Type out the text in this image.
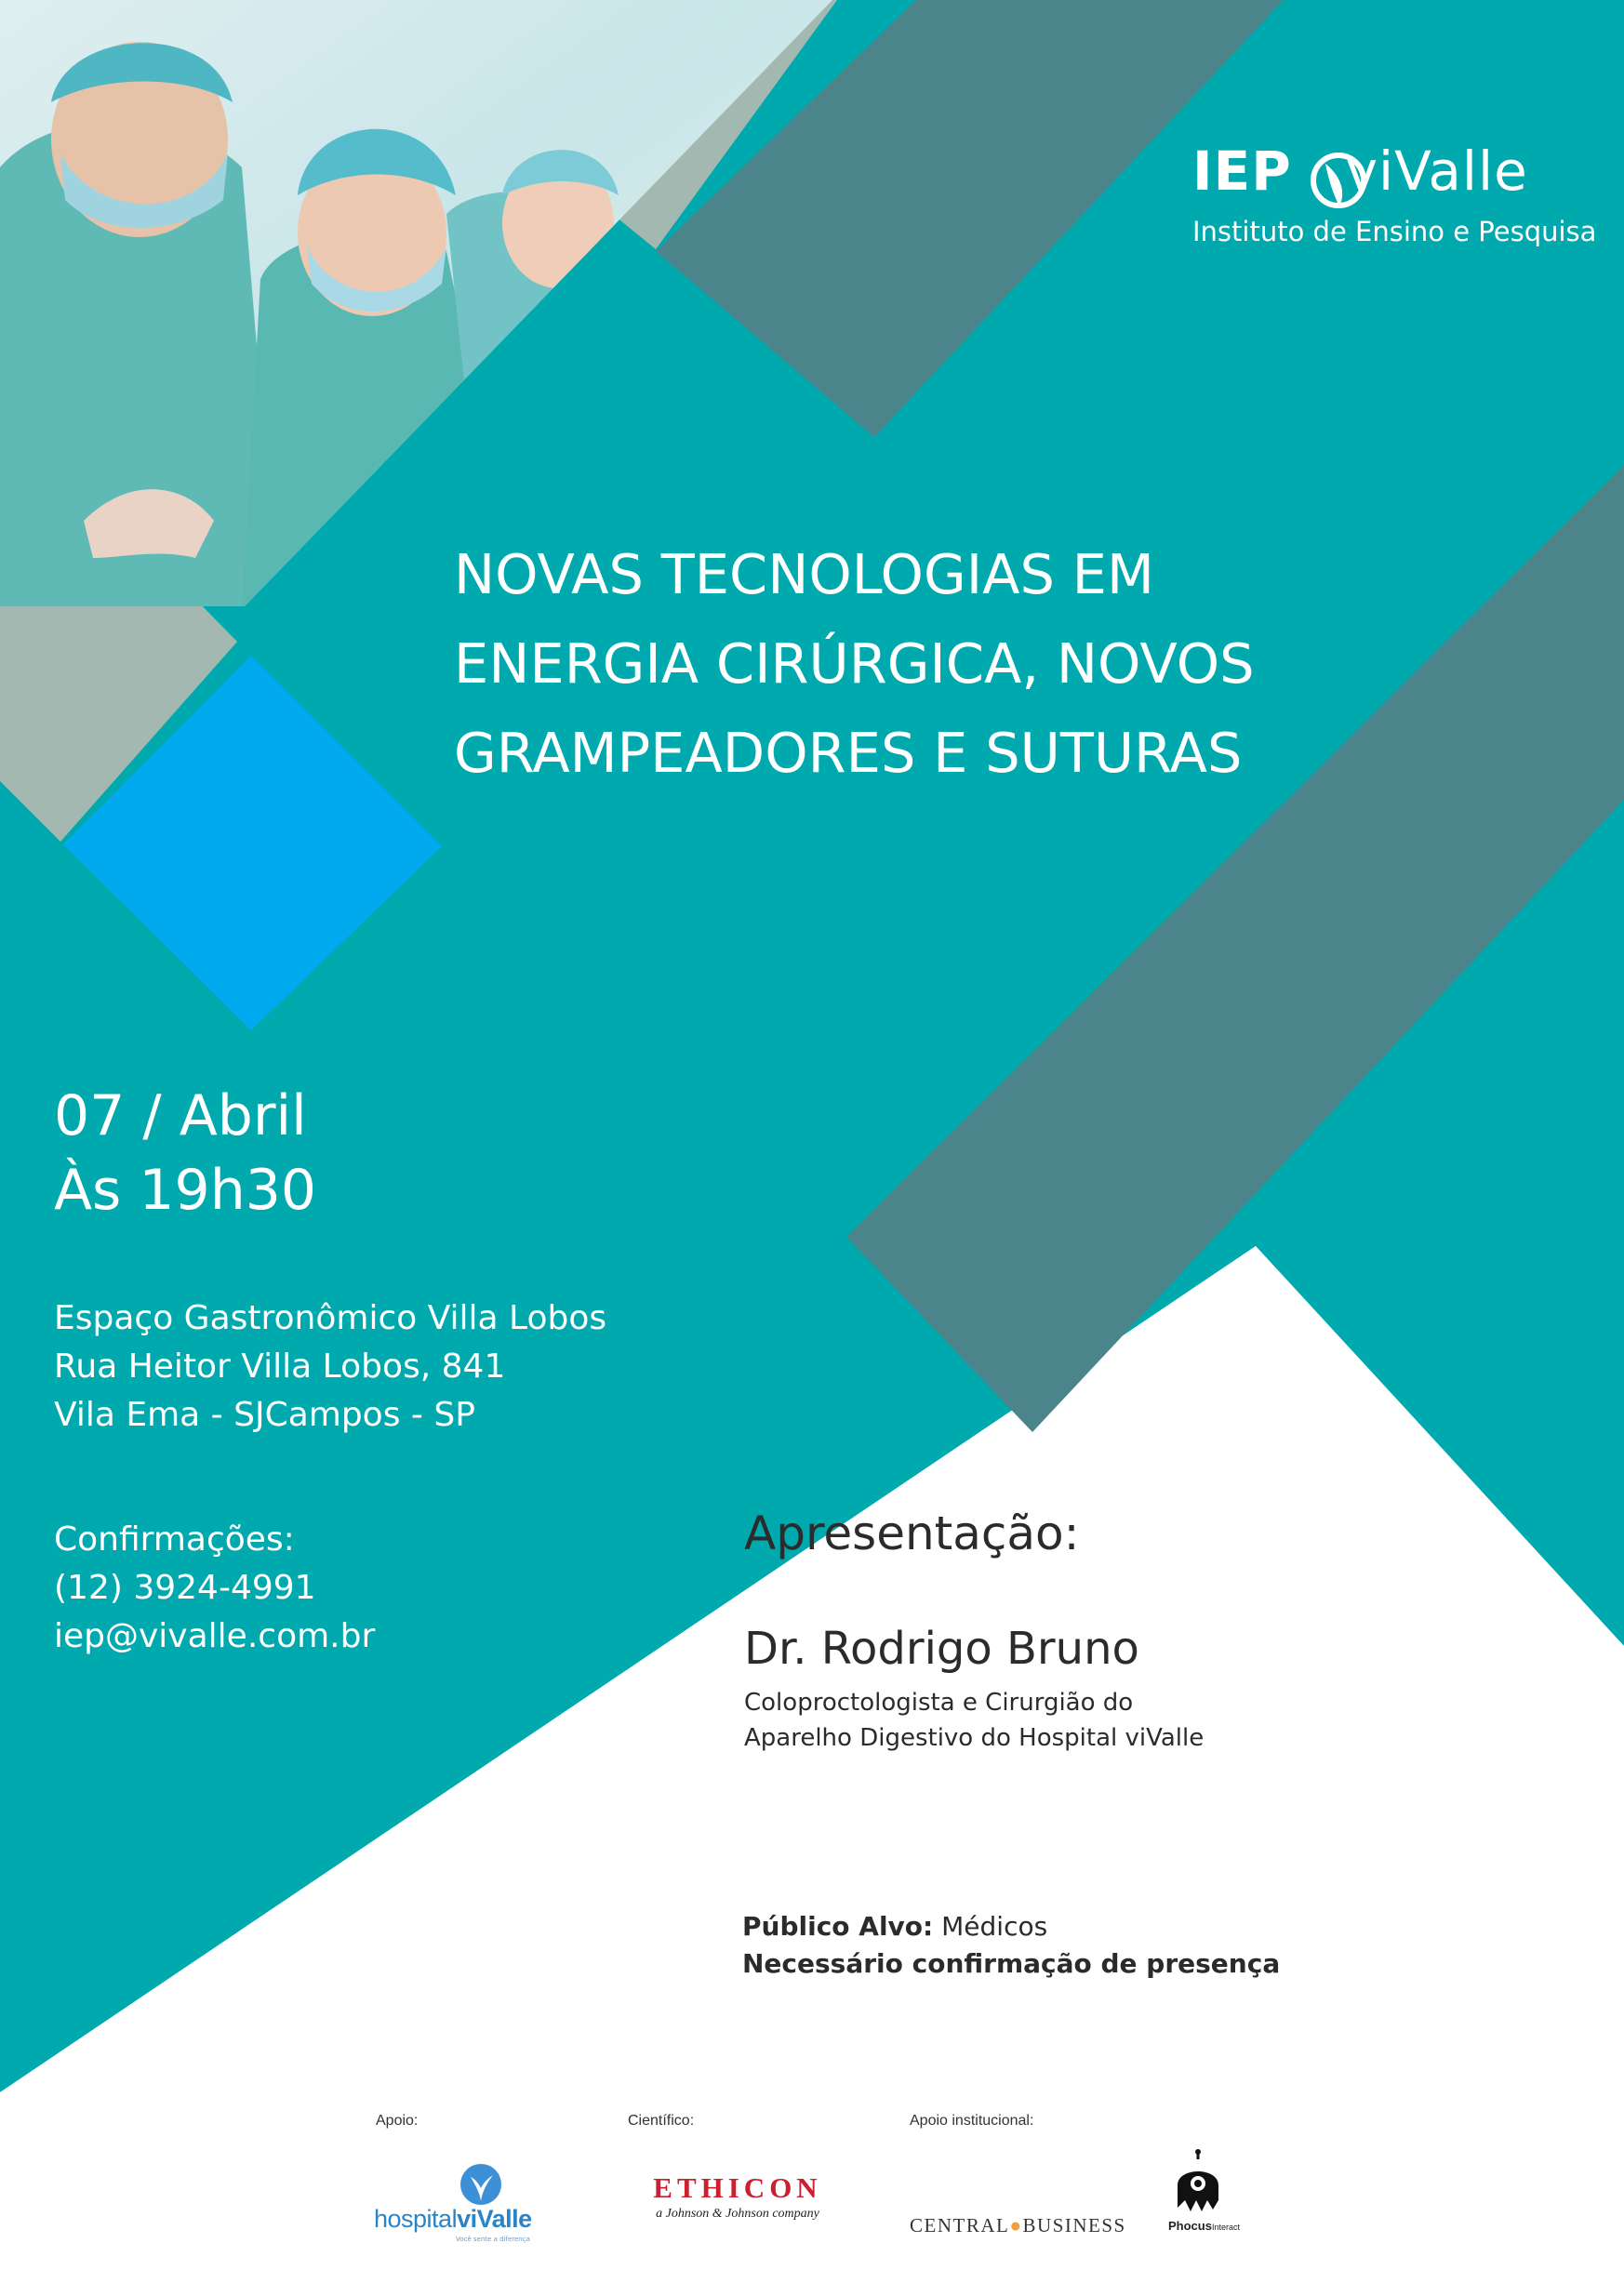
IEP viValle
Instituto de Ensino e Pesquisa
NOVAS TECNOLOGIAS EM
ENERGIA CIRÚRGICA, NOVOS
GRAMPEADORES E SUTURAS
07 / Abril
Às 19h30
Espaço Gastronômico Villa Lobos
Rua Heitor Villa Lobos, 841
Vila Ema - SJCampos - SP
Confirmações:
(12) 3924-4991
iep@vivalle.com.br
Apresentação:
Dr. Rodrigo Bruno
Coloproctologista e Cirurgião do
Aparelho Digestivo do Hospital viValle
Público Alvo: Médicos
Necessário confirmação de presença
Apoio:	Científico:	Apoio institucional:
hospitalviValle
Você sente a diferença
ETHICON
a Johnson & Johnson company
CENTRAL●BUSINESS	PhocusInteract
